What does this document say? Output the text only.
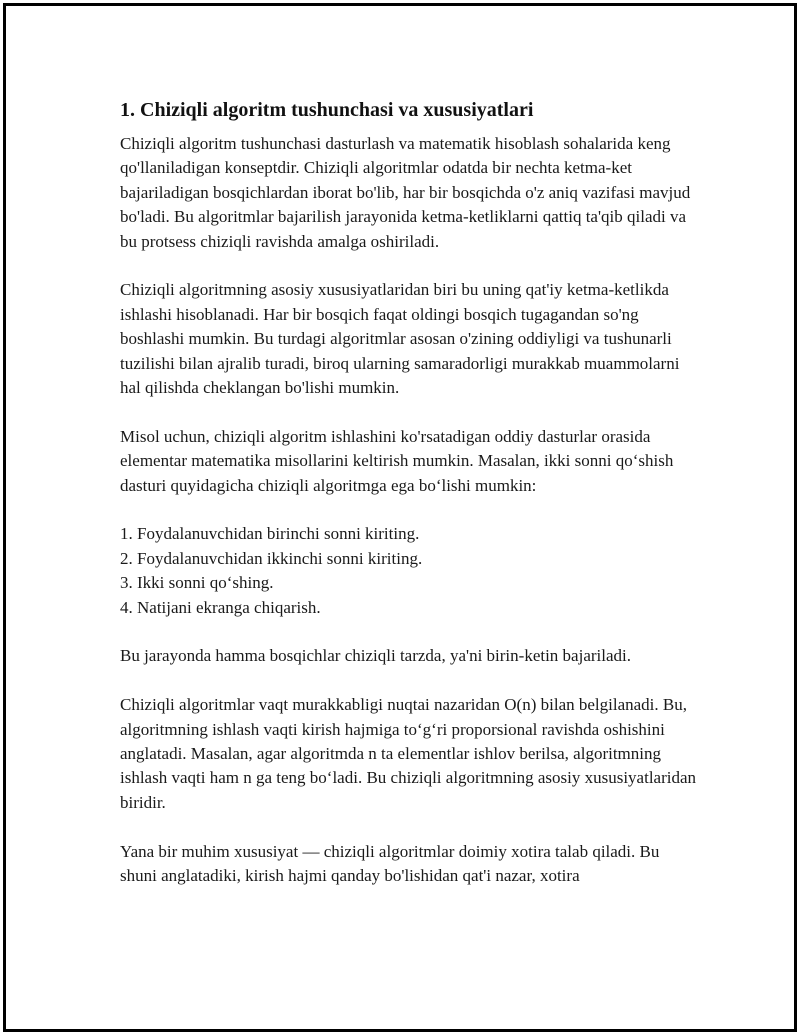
1. Chiziqli algoritm tushunchasi va xususiyatlari

Chiziqli algoritm tushunchasi dasturlash va matematik hisoblash sohalarida keng qo'llaniladigan konseptdir. Chiziqli algoritmlar odatda bir nechta ketma-ket bajariladigan bosqichlardan iborat bo'lib, har bir bosqichda o'z aniq vazifasi mavjud bo'ladi. Bu algoritmlar bajarilish jarayonida ketma-ketliklarni qattiq ta'qib qiladi va bu protsess chiziqli ravishda amalga oshiriladi.

Chiziqli algoritmning asosiy xususiyatlaridan biri bu uning qat'iy ketma-ketlikda ishlashi hisoblanadi. Har bir bosqich faqat oldingi bosqich tugagandan so'ng boshlashi mumkin. Bu turdagi algoritmlar asosan o'zining oddiyligi va tushunarli tuzilishi bilan ajralib turadi, biroq ularning samaradorligi murakkab muammolarni hal qilishda cheklangan bo'lishi mumkin.

Misol uchun, chiziqli algoritm ishlashini ko'rsatadigan oddiy dasturlar orasida elementar matematika misollarini keltirish mumkin. Masalan, ikki sonni qo‘shish dasturi quyidagicha chiziqli algoritmga ega bo‘lishi mumkin:

1. Foydalanuvchidan birinchi sonni kiriting.
2. Foydalanuvchidan ikkinchi sonni kiriting.
3. Ikki sonni qo‘shing.
4. Natijani ekranga chiqarish.

Bu jarayonda hamma bosqichlar chiziqli tarzda, ya'ni birin-ketin bajariladi.

Chiziqli algoritmlar vaqt murakkabligi nuqtai nazaridan O(n) bilan belgilanadi. Bu, algoritmning ishlash vaqti kirish hajmiga to‘g‘ri proporsional ravishda oshishini anglatadi. Masalan, agar algoritmda n ta elementlar ishlov berilsa, algoritmning ishlash vaqti ham n ga teng bo‘ladi. Bu chiziqli algoritmning asosiy xususiyatlaridan biridir.

Yana bir muhim xususiyat — chiziqli algoritmlar doimiy xotira talab qiladi. Bu shuni anglatadiki, kirish hajmi qanday bo'lishidan qat'i nazar, xotira
